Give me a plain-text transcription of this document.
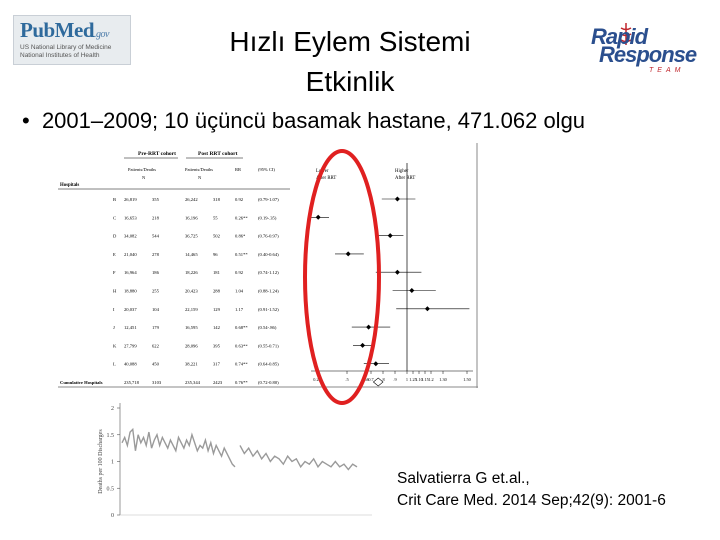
PubMed.gov
US National Library of Medicine
National Institutes of Health	Hızlı Eylem Sistemi
Etkinlik
Rapid
Response
TEAM
•  2001–2009; 10 üçüncü basamak hastane, 471.062 olgu
Pre-RRT cohort	Post RRT cohort
Patients/Deaths
N
Patients/Deaths
N
RR	(95% CI)
Hospitals
Lower
After RRT
Higher
After RRT
B 26,819	355	26,242	318	0.92	(0.79-1.07)
C 16,653	218	16,196	55	0.26** (0.19-.35)
D 34,082	544	36,725	502	0.86*	(0.76-0.97)
E 21,040	278	14,465	96	0.51** (0.40-0.64)
F 16,964	186	18,226	181	0.92	(0.74-1.12)
H 18,880	255	20,423	288	1.04	(0.88-1.24)
I 20,037	104	22,159	129	1.17	(0.91-1.52)
J 12,451	179	16,595	142	0.68** (0.54-.86)
K 27,799	622	28,096	395	0.63** (0.55-0.71)
L 40,088	450	38,221	317	0.74** (0.64-0.85)
Cumulative Hospitals	235,718	3103	235,344	2423	0.76** (0.72-0.80)
0.25	.5	.66 0.7 .8 .9 1 1.25
1.10
1.15 1.2 1.30	1.50
0
0.5
1
1.5
2
Deaths per 100 Discharges	Salvatierra G et.al.,
Crit Care Med. 2014 Sep;42(9): 2001-6
